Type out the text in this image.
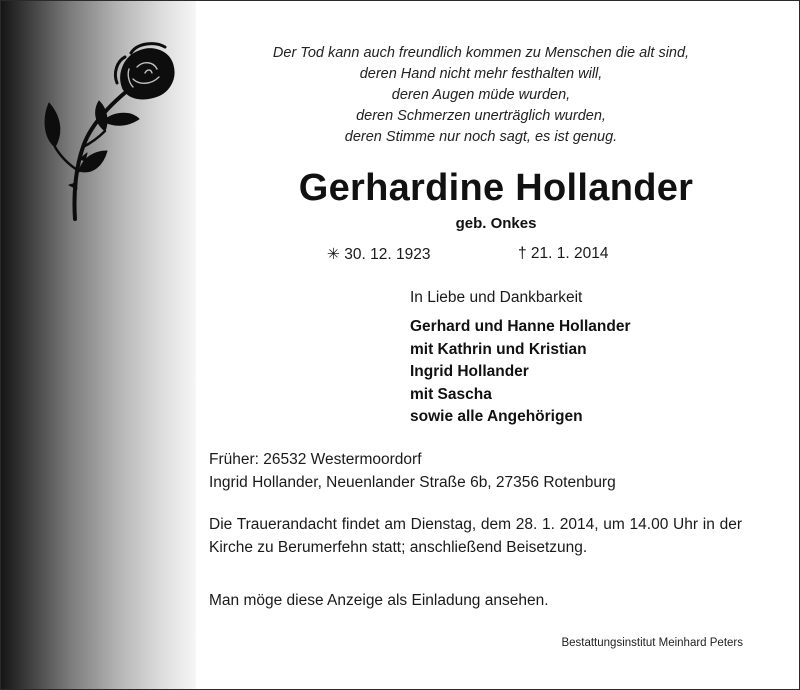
Der Tod kann auch freundlich kommen zu Menschen die alt sind,
deren Hand nicht mehr festhalten will,
deren Augen müde wurden,
deren Schmerzen unerträglich wurden,
deren Stimme nur noch sagt, es ist genug.
Gerhardine Hollander
geb. Onkes
✳ 30. 12. 1923	† 21. 1. 2014
In Liebe und Dankbarkeit
Gerhard und Hanne Hollander
mit Kathrin und Kristian
Ingrid Hollander
mit Sascha
sowie alle Angehörigen
Früher: 26532 Westermoordorf
Ingrid Hollander, Neuenlander Straße 6b, 27356 Rotenburg
Die Trauerandacht findet am Dienstag, dem 28. 1. 2014, um 14.00 Uhr in der Kirche zu Berumerfehn statt; anschließend Beisetzung.
Man möge diese Anzeige als Einladung ansehen.
Bestattungsinstitut Meinhard Peters
